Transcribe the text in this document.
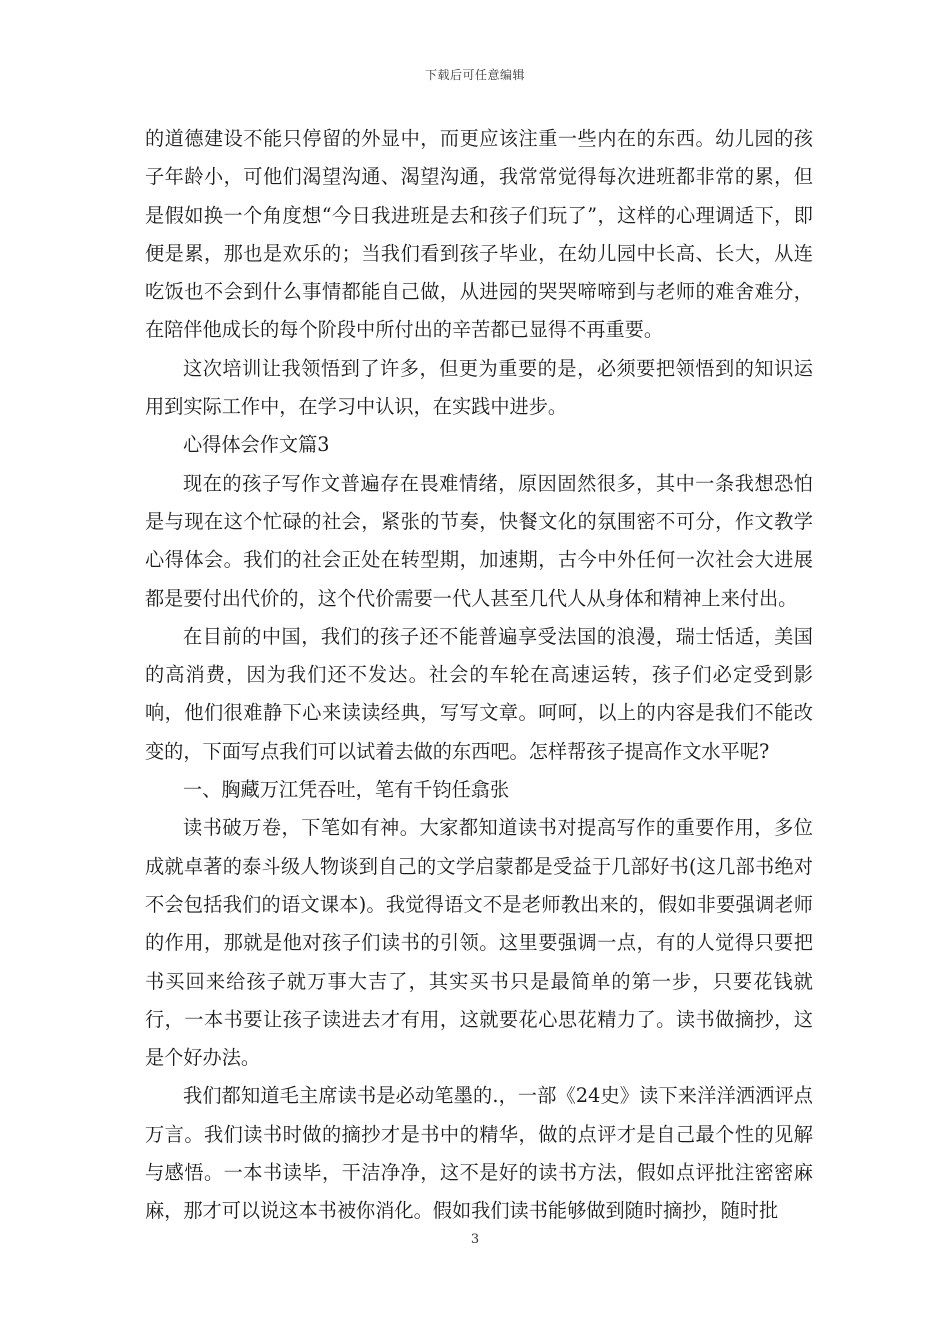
下载后可任意编辑

的道德建设不能只停留的外显中，而更应该注重一些内在的东西。幼儿园的孩子年龄小，可他们渴望沟通、渴望沟通，我常常觉得每次进班都非常的累，但是假如换一个角度想“今日我进班是去和孩子们玩了”，这样的心理调适下，即便是累，那也是欢乐的；当我们看到孩子毕业，在幼儿园中长高、长大，从连吃饭也不会到什么事情都能自己做，从进园的哭哭啼啼到与老师的难舍难分，在陪伴他成长的每个阶段中所付出的辛苦都已显得不再重要。

这次培训让我领悟到了许多，但更为重要的是，必须要把领悟到的知识运用到实际工作中，在学习中认识，在实践中进步。

心得体会作文篇3

现在的孩子写作文普遍存在畏难情绪，原因固然很多，其中一条我想恐怕是与现在这个忙碌的社会，紧张的节奏，快餐文化的氛围密不可分，作文教学心得体会。我们的社会正处在转型期，加速期，古今中外任何一次社会大进展都是要付出代价的，这个代价需要一代人甚至几代人从身体和精神上来付出。

在目前的中国，我们的孩子还不能普遍享受法国的浪漫，瑞士恬适，美国的高消费，因为我们还不发达。社会的车轮在高速运转，孩子们必定受到影响，他们很难静下心来读读经典，写写文章。呵呵，以上的内容是我们不能改变的，下面写点我们可以试着去做的东西吧。怎样帮孩子提高作文水平呢?

一、胸藏万江凭吞吐，笔有千钧任翕张

读书破万卷，下笔如有神。大家都知道读书对提高写作的重要作用，多位成就卓著的泰斗级人物谈到自己的文学启蒙都是受益于几部好书(这几部书绝对不会包括我们的语文课本)。我觉得语文不是老师教出来的，假如非要强调老师的作用，那就是他对孩子们读书的引领。这里要强调一点，有的人觉得只要把书买回来给孩子就万事大吉了，其实买书只是最简单的第一步，只要花钱就行，一本书要让孩子读进去才有用，这就要花心思花精力了。读书做摘抄，这是个好办法。

我们都知道毛主席读书是必动笔墨的.，一部《24史》读下来洋洋洒洒评点万言。我们读书时做的摘抄才是书中的精华，做的点评才是自己最个性的见解与感悟。一本书读毕，干洁净净，这不是好的读书方法，假如点评批注密密麻麻，那才可以说这本书被你消化。假如我们读书能够做到随时摘抄，随时批

3
